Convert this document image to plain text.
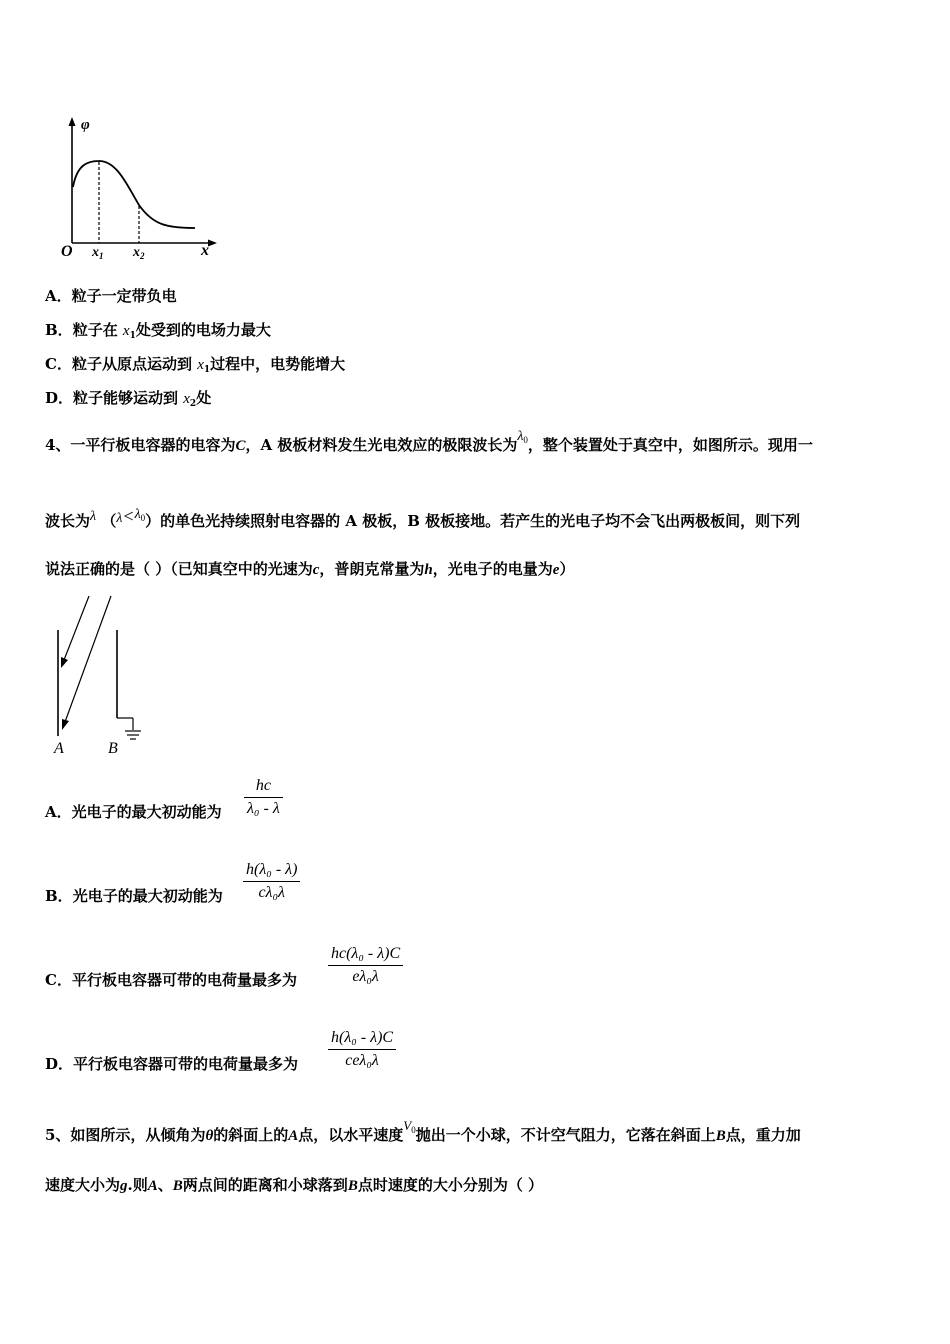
φ
O	x
$x_1$ $x_2$
A．粒子一定带负电
B．粒子在 $x_1$处受到的电场力最大
C．粒子从原点运动到 $x_1$过程中，电势能增大
D．粒子能够运动到 $x_2$处
4、一平行板电容器的电容为C，A 极板材料发生光电效应的极限波长为$\lambda_0$，整个装置处于真空中，如图所示。现用一
波长为λ $(\lambda<\lambda_0)$的单色光持续照射电容器的 A 极板，B 极板接地。若产生的光电子均不会飞出两极板间，则下列
说法正确的是（ ）（已知真空中的光速为c，普朗克常量为h，光电子的电量为e）
A	B
A．光电子的最大初动能为
hc
λ₀ - λ
B．光电子的最大初动能为
h(λ₀ - λ)
cλ₀λ
C．平行板电容器可带的电荷量最多为
hc(λ₀ - λ)C
eλ₀λ
D．平行板电容器可带的电荷量最多为
h(λ₀ - λ)C
ceλ₀λ
5、如图所示，从倾角为θ的斜面上的A点，以水平速度$V_0$抛出一个小球，不计空气阻力，它落在斜面上B点，重力加
速度大小为g.则A、B两点间的距离和小球落到B点时速度的大小分别为（ ）
